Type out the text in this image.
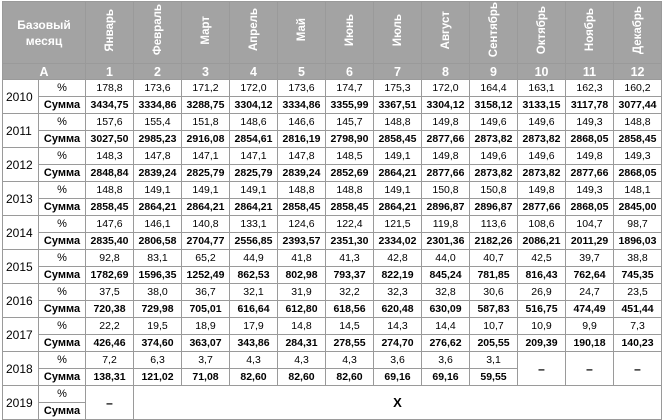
Базовый месяц		Январь	Февраль	Март	Апрель	Май	Июнь	Июль	Август	Сентябрь	Октябрь	Ноябрь	Декабрь
А		1	2	3	4	5	6	7	8	9	10	11	12
2010	%	178,8	173,6	171,2	172,0	173,6	174,7	175,3	172,0	164,4	163,1	162,3	160,2
	Сумма	3434,75	3334,86	3288,75	3304,12	3334,86	3355,99	3367,51	3304,12	3158,12	3133,15	3117,78	3077,44
2011	%	157,6	155,4	151,8	148,6	146,6	145,7	148,8	149,8	149,6	149,6	149,3	148,8
	Сумма	3027,50	2985,23	2916,08	2854,61	2816,19	2798,90	2858,45	2877,66	2873,82	2873,82	2868,05	2858,45
2012	%	148,3	147,8	147,1	147,1	147,8	148,5	149,1	149,8	149,6	149,6	149,8	149,3
	Сумма	2848,84	2839,24	2825,79	2825,79	2839,24	2852,69	2864,21	2877,66	2873,82	2873,82	2877,66	2868,05
2013	%	148,8	149,1	149,1	149,1	148,8	148,8	149,1	150,8	150,8	149,8	149,3	148,1
	Сумма	2858,45	2864,21	2864,21	2864,21	2858,45	2858,45	2864,21	2896,87	2896,87	2877,66	2868,05	2845,00
2014	%	147,6	146,1	140,8	133,1	124,6	122,4	121,5	119,8	113,6	108,6	104,7	98,7
	Сумма	2835,40	2806,58	2704,77	2556,85	2393,57	2351,30	2334,02	2301,36	2182,26	2086,21	2011,29	1896,03
2015	%	92,8	83,1	65,2	44,9	41,8	41,3	42,8	44,0	40,7	42,5	39,7	38,8
	Сумма	1782,69	1596,35	1252,49	862,53	802,98	793,37	822,19	845,24	781,85	816,43	762,64	745,35
2016	%	37,5	38,0	36,7	32,1	31,9	32,2	32,3	32,8	30,6	26,9	24,7	23,5
	Сумма	720,38	729,98	705,01	616,64	612,80	618,56	620,48	630,09	587,83	516,75	474,49	451,44
2017	%	22,2	19,5	18,9	17,9	14,8	14,5	14,3	14,4	10,7	10,9	9,9	7,3
	Сумма	426,46	374,60	363,07	343,86	284,31	278,55	274,70	276,62	205,55	209,39	190,18	140,23
2018	%	7,2	6,3	3,7	4,3	4,3	4,3	3,6	3,6	3,1	–	–	–
	Сумма	138,31	121,02	71,08	82,60	82,60	82,60	69,16	69,16	59,55			
2019	%	–	X										
	Сумма												
